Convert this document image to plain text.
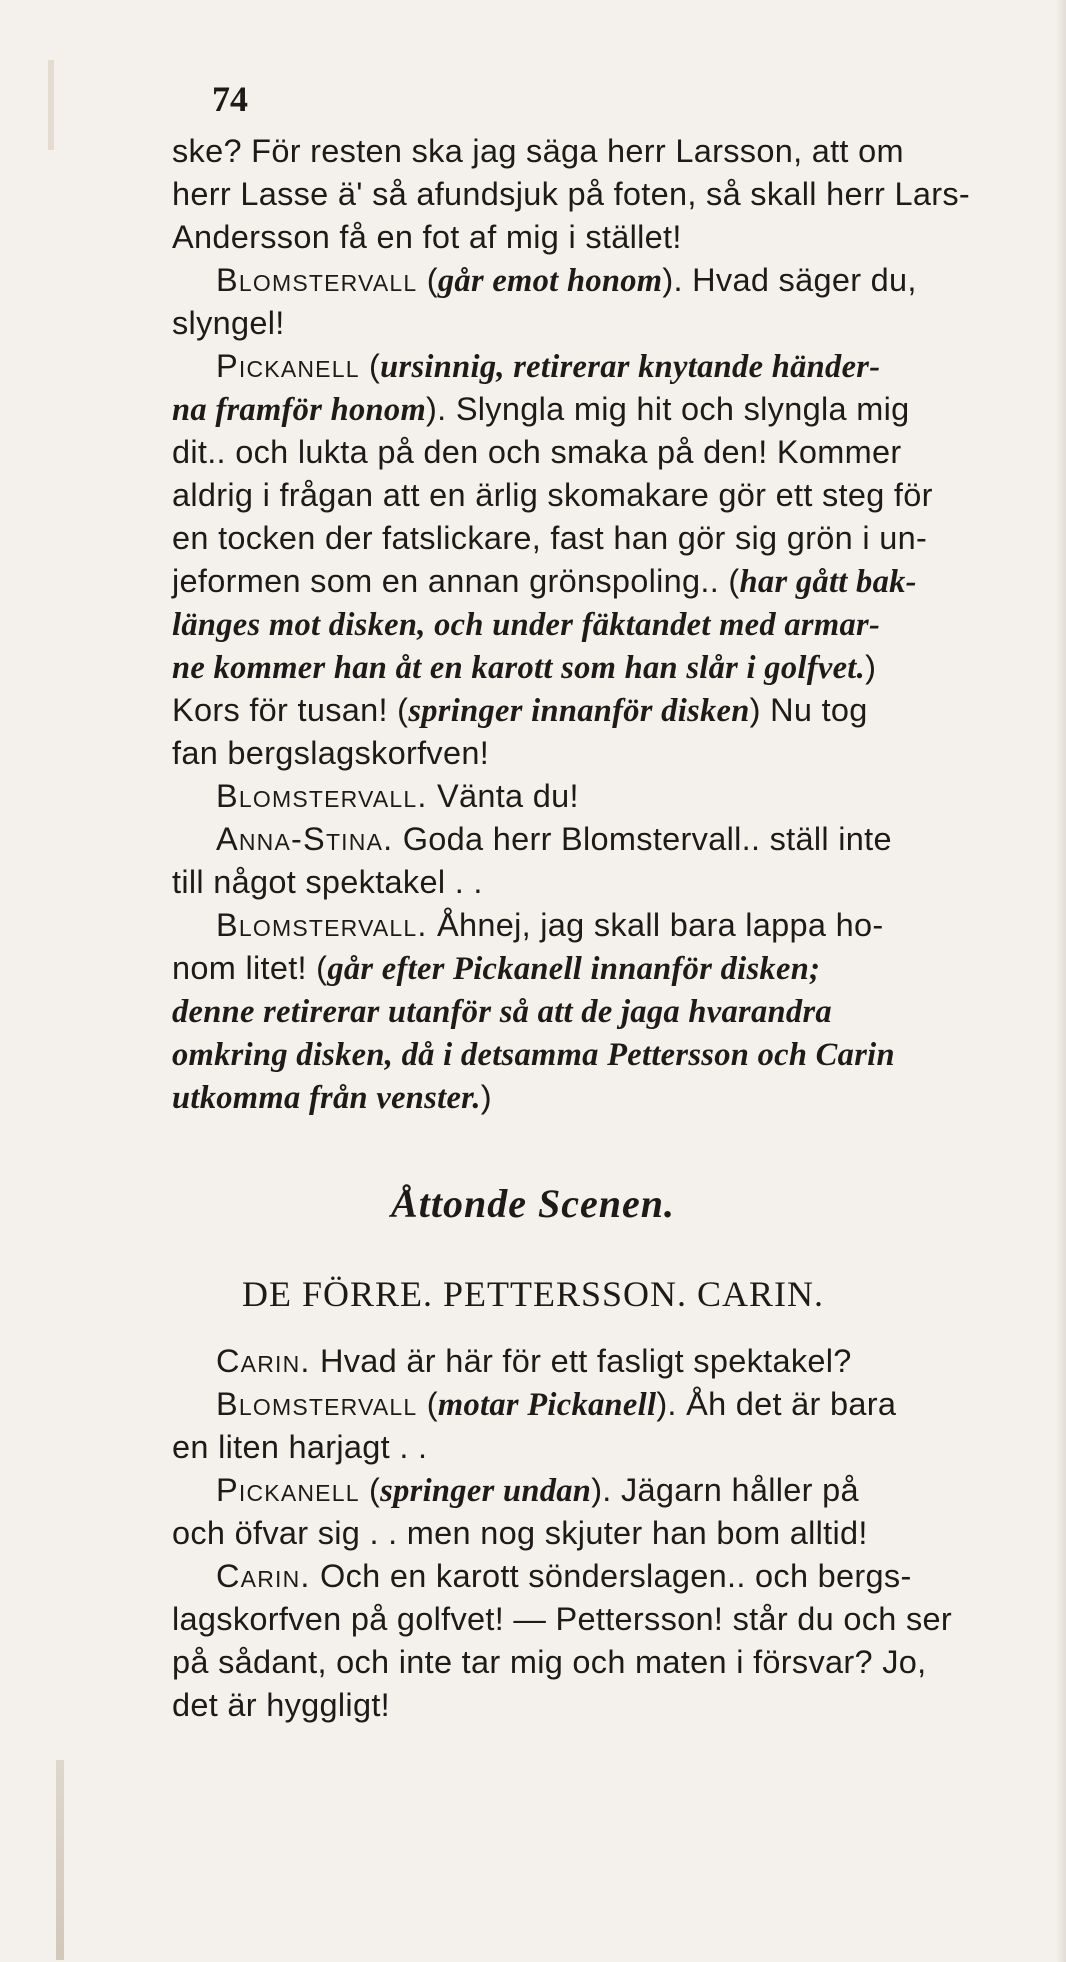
74
ske? För resten ska jag säga herr Larsson, att om
herr Lasse ä' så afundsjuk på foten, så skall herr Lars-
Andersson få en fot af mig i stället!
Blomstervall (går emot honom). Hvad säger du,
slyngel!
Pickanell (ursinnig, retirerar knytande händer-
na framför honom). Slyngla mig hit och slyngla mig
dit.. och lukta på den och smaka på den! Kommer
aldrig i frågan att en ärlig skomakare gör ett steg för
en tocken der fatslickare, fast han gör sig grön i un-
jeformen som en annan grönspoling.. (har gått bak-
länges mot disken, och under fäktandet med armar-
ne kommer han åt en karott som han slår i golfvet.)
Kors för tusan! (springer innanför disken) Nu tog
fan bergslagskorfven!
Blomstervall. Vänta du!
Anna-Stina. Goda herr Blomstervall.. ställ inte
till något spektakel . .
Blomstervall. Åhnej, jag skall bara lappa ho-
nom litet! (går efter Pickanell innanför disken;
denne retirerar utanför så att de jaga hvarandra
omkring disken, då i detsamma Pettersson och Carin
utkomma från venster.)
Åttonde Scenen.
DE FÖRRE. PETTERSSON. CARIN.
Carin. Hvad är här för ett fasligt spektakel?
Blomstervall (motar Pickanell). Åh det är bara
en liten harjagt . .
Pickanell (springer undan). Jägarn håller på
och öfvar sig . . men nog skjuter han bom alltid!
Carin. Och en karott sönderslagen.. och bergs-
lagskorfven på golfvet! — Pettersson! står du och ser
på sådant, och inte tar mig och maten i försvar? Jo,
det är hyggligt!
